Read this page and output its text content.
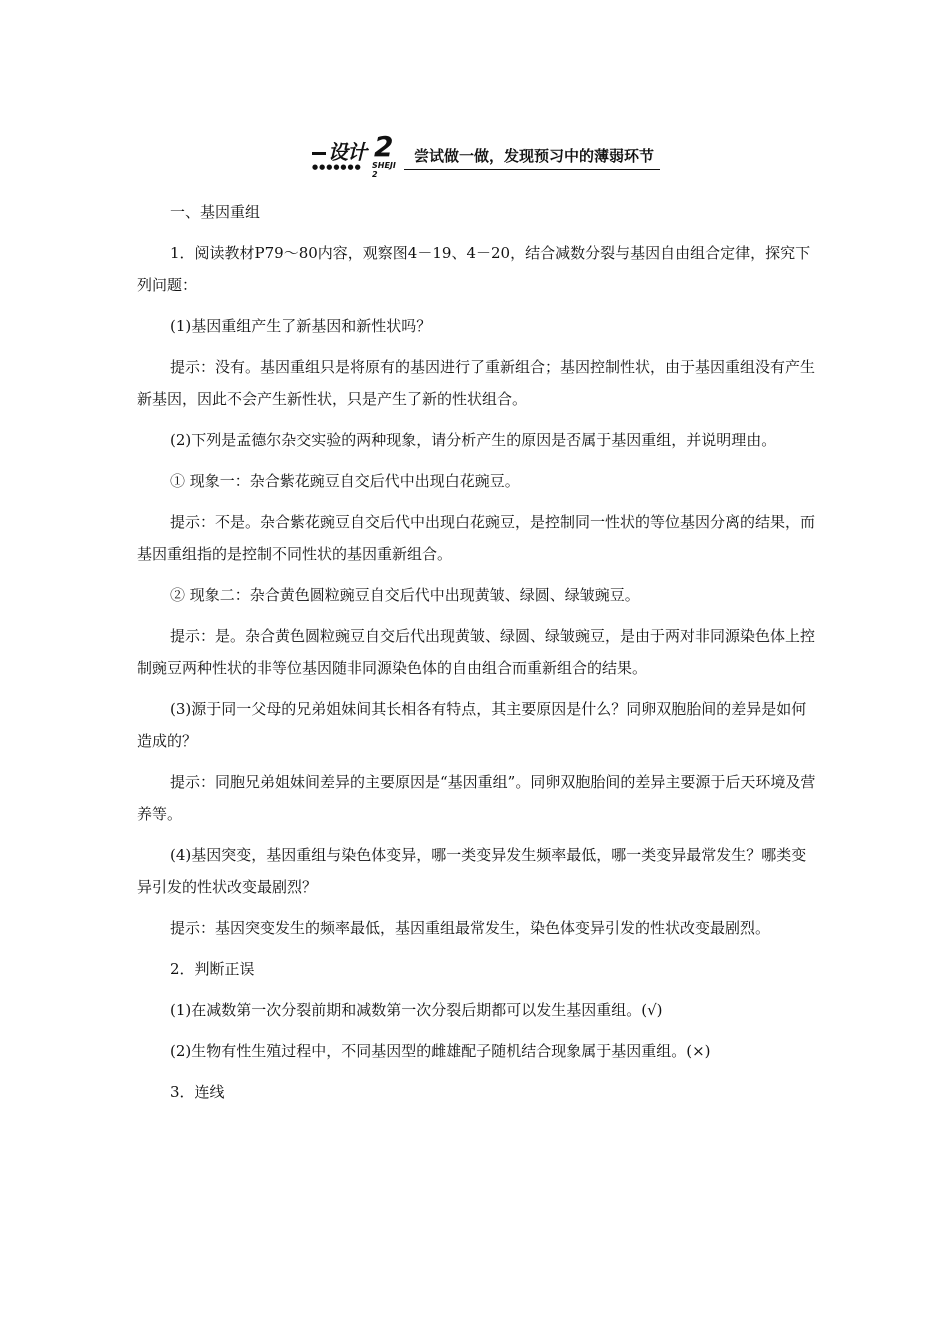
设计 2
●●●●●●● SHEJI 2
尝试做一做，发现预习中的薄弱环节

一、基因重组

1．阅读教材P79～80内容，观察图4－19、4－20，结合减数分裂与基因自由组合定律，探究下列问题：

(1)基因重组产生了新基因和新性状吗？

提示：没有。基因重组只是将原有的基因进行了重新组合；基因控制性状，由于基因重组没有产生新基因，因此不会产生新性状，只是产生了新的性状组合。

(2)下列是孟德尔杂交实验的两种现象，请分析产生的原因是否属于基因重组，并说明理由。

① 现象一：杂合紫花豌豆自交后代中出现白花豌豆。

提示：不是。杂合紫花豌豆自交后代中出现白花豌豆，是控制同一性状的等位基因分离的结果，而基因重组指的是控制不同性状的基因重新组合。

② 现象二：杂合黄色圆粒豌豆自交后代中出现黄皱、绿圆、绿皱豌豆。

提示：是。杂合黄色圆粒豌豆自交后代出现黄皱、绿圆、绿皱豌豆，是由于两对非同源染色体上控制豌豆两种性状的非等位基因随非同源染色体的自由组合而重新组合的结果。

(3)源于同一父母的兄弟姐妹间其长相各有特点，其主要原因是什么？同卵双胞胎间的差异是如何造成的？

提示：同胞兄弟姐妹间差异的主要原因是“基因重组”。同卵双胞胎间的差异主要源于后天环境及营养等。

(4)基因突变，基因重组与染色体变异，哪一类变异发生频率最低，哪一类变异最常发生？哪类变异引发的性状改变最剧烈？

提示：基因突变发生的频率最低，基因重组最常发生，染色体变异引发的性状改变最剧烈。

2．判断正误

(1)在减数第一次分裂前期和减数第一次分裂后期都可以发生基因重组。(√)

(2)生物有性生殖过程中，不同基因型的雌雄配子随机结合现象属于基因重组。(×)

3．连线
